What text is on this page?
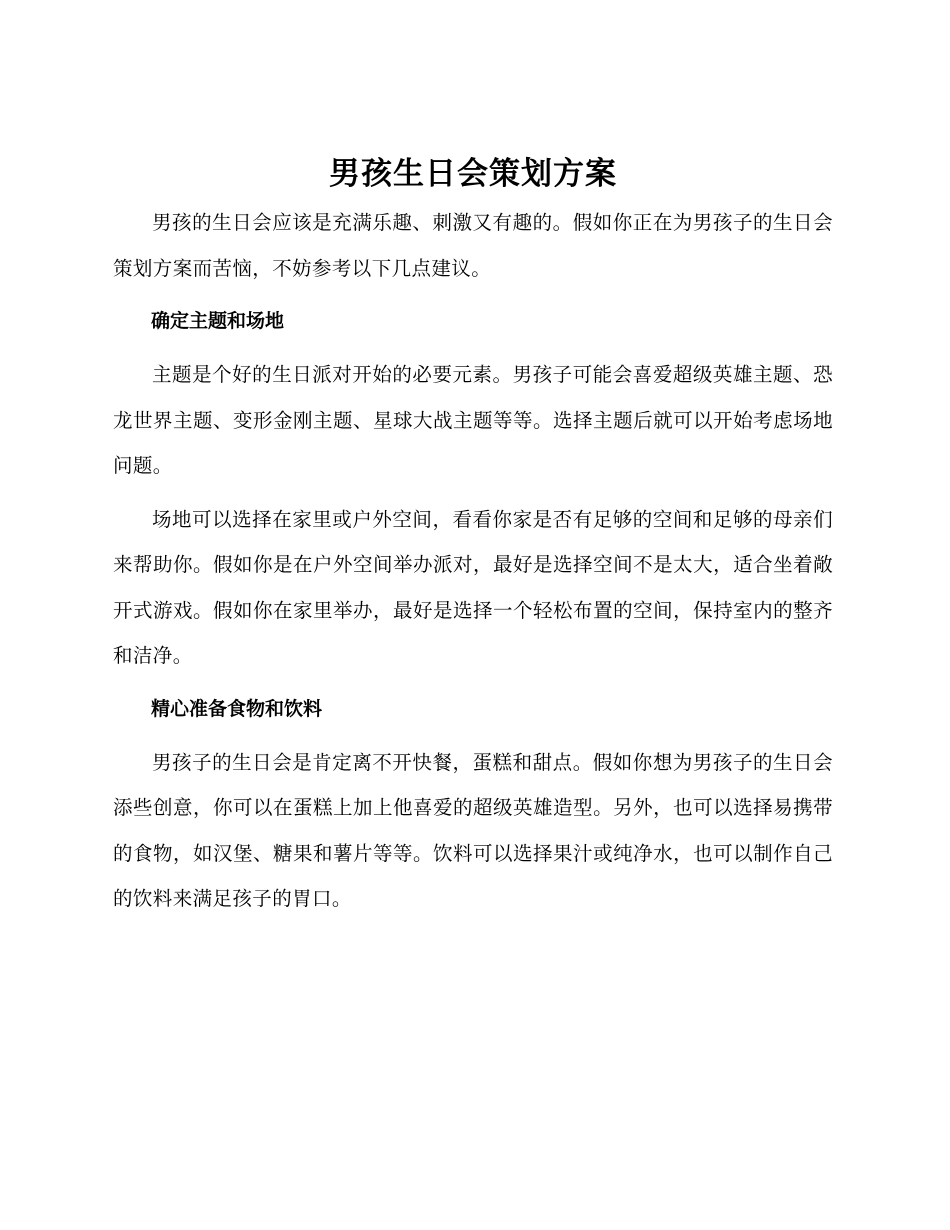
男孩生日会策划方案

男孩的生日会应该是充满乐趣、刺激又有趣的。假如你正在为男孩子的生日会策划方案而苦恼，不妨参考以下几点建议。

确定主题和场地

主题是个好的生日派对开始的必要元素。男孩子可能会喜爱超级英雄主题、恐龙世界主题、变形金刚主题、星球大战主题等等。选择主题后就可以开始考虑场地问题。

场地可以选择在家里或户外空间，看看你家是否有足够的空间和足够的母亲们来帮助你。假如你是在户外空间举办派对，最好是选择空间不是太大，适合坐着敞开式游戏。假如你在家里举办，最好是选择一个轻松布置的空间，保持室内的整齐和洁净。

精心准备食物和饮料

男孩子的生日会是肯定离不开快餐，蛋糕和甜点。假如你想为男孩子的生日会添些创意，你可以在蛋糕上加上他喜爱的超级英雄造型。另外，也可以选择易携带的食物，如汉堡、糖果和薯片等等。饮料可以选择果汁或纯净水，也可以制作自己的饮料来满足孩子的胃口。
